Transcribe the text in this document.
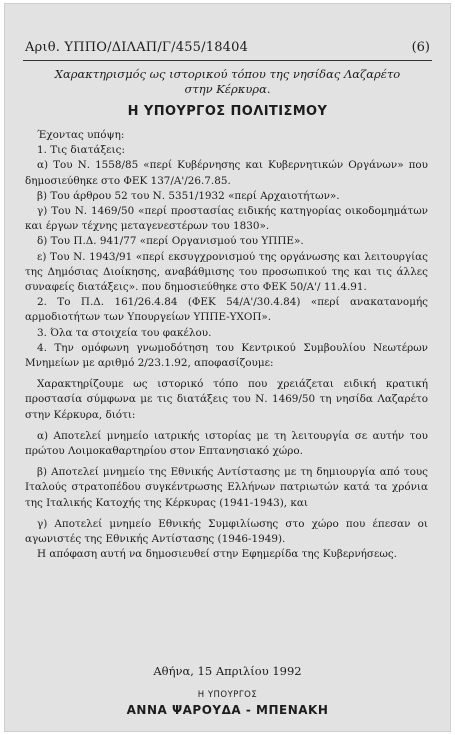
Αριθ. ΥΠΠΟ/ΔΙΛΑΠ/Γ/455/18404	(6)
Χαρακτηρισμός ως ιστορικού τόπου της νησίδας Λαζαρέτο
στην Κέρκυρα.
Η ΥΠΟΥΡΓΟΣ ΠΟΛΙΤΙΣΜΟΥ

Έχοντας υπόψη:

1. Τις διατάξεις:

α) Του Ν. 1558/85 «περί Κυβέρνησης και Κυβερνητικών Οργάνων» που δημοσιεύθηκε στο ΦΕΚ 137/Α'/26.7.85.

β) Του άρθρου 52 του Ν. 5351/1932 «περί Αρχαιοτήτων».

γ) Του Ν. 1469/50 «περί προστασίας ειδικής κατηγορίας οικοδομημάτων και έργων τέχνης μεταγενεστέρων του 1830».

δ) Του Π.Δ. 941/77 «περί Οργανισμού του ΥΠΠΕ».

ε) Του Ν. 1943/91 «περί εκσυγχρονισμού της οργάνωσης και λειτουργίας της Δημόσιας Διοίκησης, αναβάθμισης του προσωπικού της και τις άλλες συναφείς διατάξεις». που δημοσιεύθηκε στο ΦΕΚ 50/Α'/ 11.4.91.

2. Το Π.Δ. 161/26.4.84 (ΦΕΚ 54/Α'/30.4.84) «περί ανακατανομής αρμοδιοτήτων των Υπουργείων ΥΠΠΕ-ΥΧΟΠ».

3. Όλα τα στοιχεία του φακέλου.

4. Την ομόφωνη γνωμοδότηση του Κεντρικού Συμβουλίου Νεωτέρων Μνημείων με αριθμό 2/23.1.92, αποφασίζουμε:

Χαρακτηρίζουμε ως ιστορικό τόπο που χρειάζεται ειδική κρατική προστασία σύμφωνα με τις διατάξεις του Ν. 1469/50 τη νησίδα Λαζαρέτο στην Κέρκυρα, διότι:

α) Αποτελεί μνημείο ιατρικής ιστορίας με τη λειτουργία σε αυτήν του πρώτου Λοιμοκαθαρτηρίου στον Επτανησιακό χώρο.

β) Αποτελεί μνημείο της Εθνικής Αντίστασης με τη δημιουργία από τους Ιταλούς στρατοπέδου συγκέντρωσης Ελλήνων πατριωτών κατά τα χρόνια της Ιταλικής Κατοχής της Κέρκυρας (1941-1943), και

γ) Αποτελεί μνημείο Εθνικής Συμφιλίωσης στο χώρο που έπεσαν οι αγωνιστές της Εθνικής Αντίστασης (1946-1949).

Η απόφαση αυτή να δημοσιευθεί στην Εφημερίδα της Κυβερνήσεως.

Αθήνα, 15 Απριλίου 1992
Η ΥΠΟΥΡΓΟΣ
ΑΝΝΑ ΨΑΡΟΥΔΑ - ΜΠΕΝΑΚΗ
